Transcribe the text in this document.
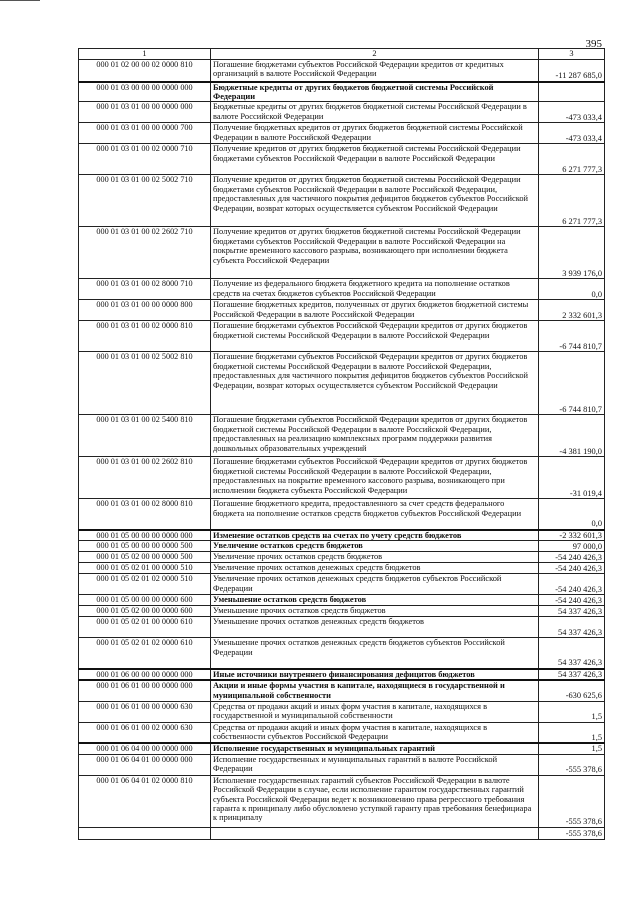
395
1	2	3
000 01 02 00 00 02 0000 810	Погашение бюджетами субъектов Российской Федерации кредитов от кредитных организаций в валюте Российской Федерации	-11 287 685,0
000 01 03 00 00 00 0000 000	Бюджетные кредиты от других бюджетов бюджетной системы Российской Федерации	
000 01 03 01 00 00 0000 000	Бюджетные кредиты от других бюджетов бюджетной системы Российской Федерации в валюте Российской Федерации	-473 033,4
000 01 03 01 00 00 0000 700	Получение бюджетных кредитов от других бюджетов бюджетной системы Российской Федерации в валюте Российской Федерации	-473 033,4
000 01 03 01 00 02 0000 710	Получение кредитов от других бюджетов бюджетной системы Российской Федерации бюджетами субъектов Российской Федерации в валюте Российской Федерации	6 271 777,3
000 01 03 01 00 02 5002 710	Получение кредитов от других бюджетов бюджетной системы Российской Федерации бюджетами субъектов Российской Федерации в валюте Российской Федерации, предоставленных для частичного покрытия дефицитов бюджетов субъектов Российской Федерации, возврат которых осуществляется субъектом Российской Федерации	6 271 777,3
000 01 03 01 00 02 2602 710	Получение кредитов от других бюджетов бюджетной системы Российской Федерации бюджетами субъектов Российской Федерации в валюте Российской Федерации на покрытие временного кассового разрыва, возникающего при исполнении бюджета субъекта Российской Федерации	3 939 176,0
000 01 03 01 00 02 8000 710	Получение из федерального бюджета бюджетного кредита на пополнение остатков средств на счетах бюджетов субъектов Российской Федерации	0,0
000 01 03 01 00 00 0000 800	Погашение бюджетных кредитов, полученных от других бюджетов бюджетной системы Российской Федерации в валюте Российской Федерации	2 332 601,3
000 01 03 01 00 02 0000 810	Погашение бюджетами субъектов Российской Федерации кредитов от других бюджетов бюджетной системы Российской Федерации в валюте Российской Федерации	-6 744 810,7
000 01 03 01 00 02 5002 810	Погашение бюджетами субъектов Российской Федерации кредитов от других бюджетов бюджетной системы Российской Федерации в валюте Российской Федерации, предоставленных для частичного покрытия дефицитов бюджетов субъектов Российской Федерации, возврат которых осуществляется субъектом Российской Федерации	-6 744 810,7
000 01 03 01 00 02 5400 810	Погашение бюджетами субъектов Российской Федерации кредитов от других бюджетов бюджетной системы Российской Федерации в валюте Российской Федерации, предоставленных на реализацию комплексных программ поддержки развития дошкольных образовательных учреждений	-4 381 190,0
000 01 03 01 00 02 2602 810	Погашение бюджетами субъектов Российской Федерации кредитов от других бюджетов бюджетной системы Российской Федерации в валюте Российской Федерации, предоставленных на покрытие временного кассового разрыва, возникающего при исполнении бюджета субъекта Российской Федерации	-31 019,4
000 01 03 01 00 02 8000 810	Погашение бюджетного кредита, предоставленного за счет средств федерального бюджета на пополнение остатков средств бюджетов субъектов Российской Федерации	0,0
000 01 05 00 00 00 0000 000	Изменение остатков средств на счетах по учету средств бюджетов	-2 332 601,3
000 01 05 00 00 00 0000 500	Увеличение остатков средств бюджетов	97 000,0
000 01 05 02 00 00 0000 500	Увеличение прочих остатков средств бюджетов	-54 240 426,3
000 01 05 02 01 00 0000 510	Увеличение прочих остатков денежных средств бюджетов	-54 240 426,3
000 01 05 02 01 02 0000 510	Увеличение прочих остатков денежных средств бюджетов субъектов Российской Федерации	-54 240 426,3
000 01 05 00 00 00 0000 600	Уменьшение остатков средств бюджетов	-54 240 426,3
000 01 05 02 00 00 0000 600	Уменьшение прочих остатков средств бюджетов	54 337 426,3
000 01 05 02 01 00 0000 610	Уменьшение прочих остатков денежных средств бюджетов	54 337 426,3
000 01 05 02 01 02 0000 610	Уменьшение прочих остатков денежных средств бюджетов субъектов Российской Федерации	54 337 426,3
000 01 06 00 00 00 0000 000	Иные источники внутреннего финансирования дефицитов бюджетов	54 337 426,3
000 01 06 01 00 00 0000 000	Акции и иные формы участия в капитале, находящиеся в государственной и муниципальной собственности	-630 625,6
000 01 06 01 00 00 0000 630	Средства от продажи акций и иных форм участия в капитале, находящихся в государственной и муниципальной собственности	1,5
000 01 06 01 00 02 0000 630	Средства от продажи акций и иных форм участия в капитале, находящихся в собственности субъектов Российской Федерации	1,5
000 01 06 04 00 00 0000 000	Исполнение государственных и муниципальных гарантий	1,5
000 01 06 04 01 00 0000 000	Исполнение государственных и муниципальных гарантий в валюте Российской Федерации	-555 378,6
000 01 06 04 01 02 0000 810	Исполнение государственных гарантий субъектов Российской Федерации в валюте Российской Федерации в случае, если исполнение гарантом государственных гарантий субъекта Российской Федерации ведет к возникновению права регрессного требования гаранта к принципалу либо обусловлено уступкой гаранту прав требования бенефициара к принципалу	-555 378,6
		-555 378,6
